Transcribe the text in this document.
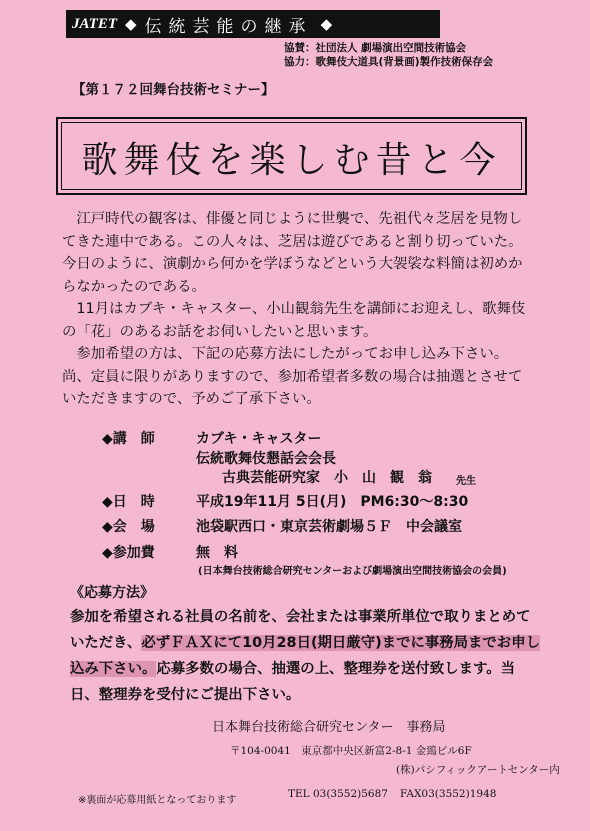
JATET ◆ 伝統芸能の継承 ◆
協賛：社団法人 劇場演出空間技術協会
協力：歌舞伎大道具(背景画)製作技術保存会
【第１７２回舞台技術セミナー】
歌舞伎を楽しむ昔と今

江戸時代の観客は、俳優と同じように世襲で、先祖代々芝居を見物してきた連中である。この人々は、芝居は遊びであると割り切っていた。今日のように、演劇から何かを学ぼうなどという大袈裟な料簡は初めからなかったのである。

11月はカブキ・キャスター、小山観翁先生を講師にお迎えし、歌舞伎の「花」のあるお話をお伺いしたいと思います。

参加希望の方は、下記の応募方法にしたがってお申し込み下さい。尚、定員に限りがありますので、参加希望者多数の場合は抽選とさせていただきますので、予めご了承下さい。

◆講　師	カブキ・キャスター
伝統歌舞伎懇話会会長
古典芸能研究家　小　山　観　翁 先生
◆日　時	平成19年11月 5日(月)　PM6:30～8:30
◆会　場	池袋駅西口・東京芸術劇場５Ｆ　中会議室
◆参加費	無　料
(日本舞台技術総合研究センターおよび劇場演出空間技術協会の会員)
《応募方法》
参加を希望される社員の名前を、会社または事業所単位で取りまとめていただき、必ずＦＡＸにて10月28日(期日厳守)までに事務局までお申し込み下さい。応募多数の場合、抽選の上、整理券を送付致します。当日、整理券を受付にご提出下さい。
日本舞台技術総合研究センター　事務局
〒104-0041　東京都中央区新富2-8-1 金鵄ビル6F
(株)パシフィックアートセンター内
※裏面が応募用紙となっております
TEL 03(3552)5687 FAX03(3552)1948
